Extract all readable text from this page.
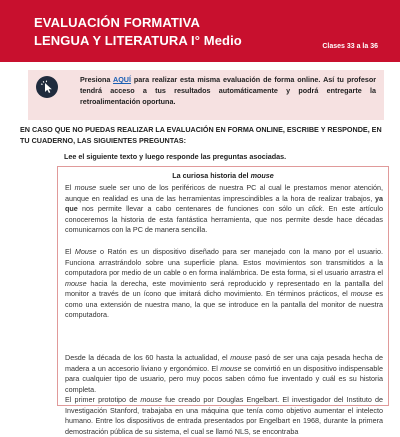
EVALUACIÓN FORMATIVA
LENGUA Y LITERATURA I° Medio	Clases 33 a la 36
Presiona AQUÍ para realizar esta misma evaluación de forma online. Así tu profesor tendrá acceso a tus resultados automáticamente y podrá entregarte la retroalimentación oportuna.
EN CASO QUE NO PUEDAS REALIZAR LA EVALUACIÓN EN FORMA ONLINE, ESCRIBE Y RESPONDE, EN TU CUADERNO, LAS SIGUIENTES PREGUNTAS:
Lee el siguiente texto y luego responde las preguntas asociadas.
La curiosa historia del mouse

El mouse suele ser uno de los periféricos de nuestra PC al cual le prestamos menor atención, aunque en realidad es una de las herramientas imprescindibles a la hora de realizar trabajos, ya que nos permite llevar a cabo centenares de funciones con sólo un click. En este artículo conoceremos la historia de esta fantástica herramienta, que nos permite desde hace décadas comunicarnos con la PC de manera sencilla.

El Mouse o Ratón es un dispositivo diseñado para ser manejado con la mano por el usuario. Funciona arrastrándolo sobre una superficie plana. Estos movimientos son transmitidos a la computadora por medio de un cable o en forma inalámbrica. De esta forma, si el usuario arrastra el mouse hacia la derecha, este movimiento será reproducido y representado en la pantalla del monitor a través de un ícono que imitará dicho movimiento. En términos prácticos, el mouse es como una extensión de nuestra mano, la que se introduce en la pantalla del monitor de nuestra computadora.

Desde la década de los 60 hasta la actualidad, el mouse pasó de ser una caja pesada hecha de madera a un accesorio liviano y ergonómico. El mouse se convirtió en un dispositivo indispensable para cualquier tipo de usuario, pero muy pocos saben cómo fue inventado y cuál es su historia completa.

El primer prototipo de mouse fue creado por Douglas Engelbart. El investigador del Instituto de Investigación Stanford, trabajaba en una máquina que tenía como objetivo aumentar el intelecto humano. Entre los dispositivos de entrada presentados por Engelbart en 1968, durante la primera demostración pública de su sistema, el cual se llamó NLS, se encontraba
